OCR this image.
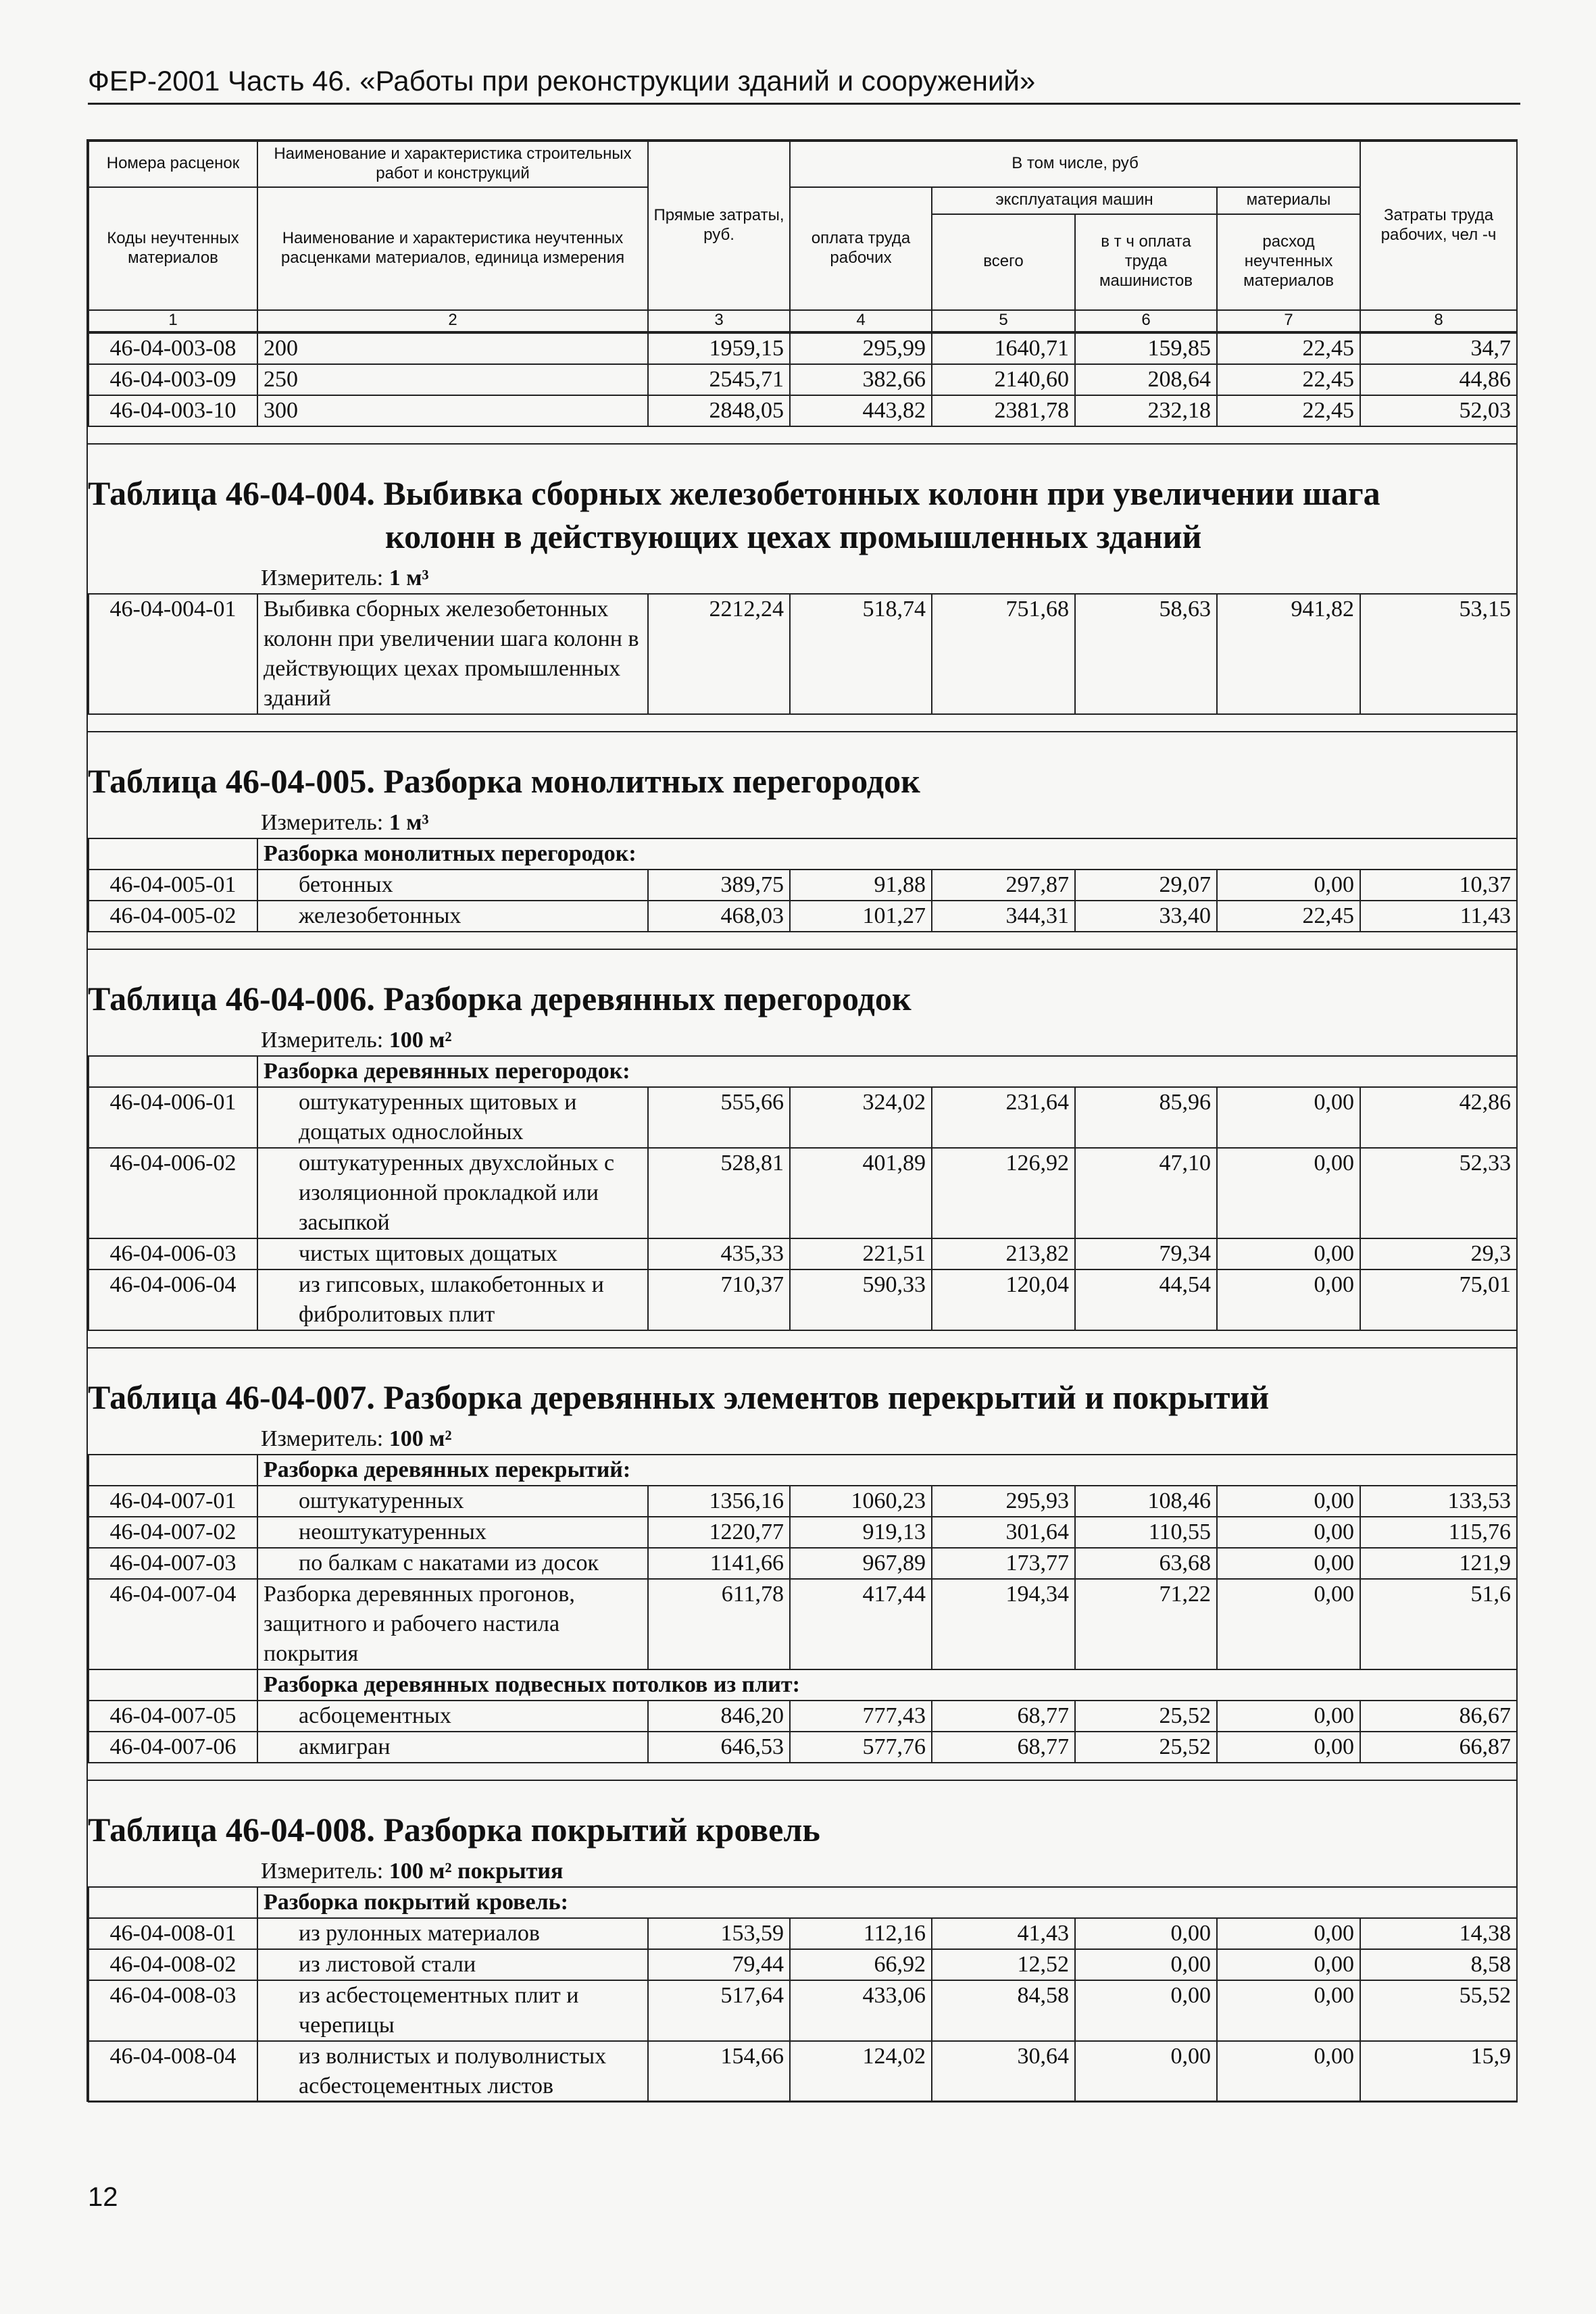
ФЕР-2001 Часть 46. «Работы при реконструкции зданий и сооружений»
Номера расценок	Наименование и характеристика строительных работ и конструкций	Прямые затраты, руб.	В том числе, руб				Затраты труда рабочих, чел -ч
Коды неучтенных материалов	Наименование и характеристика неучтенных расценками материалов, единица измерения		оплата труда рабочих	эксплуатация машин		материалы	
				всего	в т ч оплата труда машинистов	расход неучтенных материалов	
1	2	3	4	5	6	7	8
46-04-003-08	200	1959,15	295,99	1640,71	159,85	22,45	34,7
46-04-003-09	250	2545,71	382,66	2140,60	208,64	22,45	44,86
46-04-003-10	300	2848,05	443,82	2381,78	232,18	22,45	52,03
Таблица 46-04-004. Выбивка сборных железобетонных колонн при увеличении шага
колонн в действующих цехах промышленных зданий
Измеритель: 1 м³
46-04-004-01	Выбивка сборных железобетонных колонн при увеличении шага колонн в действующих цехах промышленных зданий	2212,24	518,74	751,68	58,63	941,82	53,15
Таблица 46-04-005. Разборка монолитных перегородок
Измеритель: 1 м³
	Разборка монолитных перегородок:						
46-04-005-01	бетонных	389,75	91,88	297,87	29,07	0,00	10,37
46-04-005-02	железобетонных	468,03	101,27	344,31	33,40	22,45	11,43
Таблица 46-04-006. Разборка деревянных перегородок
Измеритель: 100 м²
	Разборка деревянных перегородок:						
46-04-006-01	оштукатуренных щитовых и дощатых однослойных	555,66	324,02	231,64	85,96	0,00	42,86
46-04-006-02	оштукатуренных двухслойных с изоляционной прокладкой или засыпкой	528,81	401,89	126,92	47,10	0,00	52,33
46-04-006-03	чистых щитовых дощатых	435,33	221,51	213,82	79,34	0,00	29,3
46-04-006-04	из гипсовых, шлакобетонных и фибролитовых плит	710,37	590,33	120,04	44,54	0,00	75,01
Таблица 46-04-007. Разборка деревянных элементов перекрытий и покрытий
Измеритель: 100 м²
	Разборка деревянных перекрытий:						
46-04-007-01	оштукатуренных	1356,16	1060,23	295,93	108,46	0,00	133,53
46-04-007-02	неоштукатуренных	1220,77	919,13	301,64	110,55	0,00	115,76
46-04-007-03	по балкам с накатами из досок	1141,66	967,89	173,77	63,68	0,00	121,9
46-04-007-04	Разборка деревянных прогонов, защитного и рабочего настила покрытия	611,78	417,44	194,34	71,22	0,00	51,6
	Разборка деревянных подвесных потолков из плит:						
46-04-007-05	асбоцементных	846,20	777,43	68,77	25,52	0,00	86,67
46-04-007-06	акмигран	646,53	577,76	68,77	25,52	0,00	66,87
Таблица 46-04-008. Разборка покрытий кровель
Измеритель: 100 м² покрытия
	Разборка покрытий кровель:						
46-04-008-01	из рулонных материалов	153,59	112,16	41,43	0,00	0,00	14,38
46-04-008-02	из листовой стали	79,44	66,92	12,52	0,00	0,00	8,58
46-04-008-03	из асбестоцементных плит и черепицы	517,64	433,06	84,58	0,00	0,00	55,52
46-04-008-04	из волнистых и полуволнистых асбестоцементных листов	154,66	124,02	30,64	0,00	0,00	15,9
12
